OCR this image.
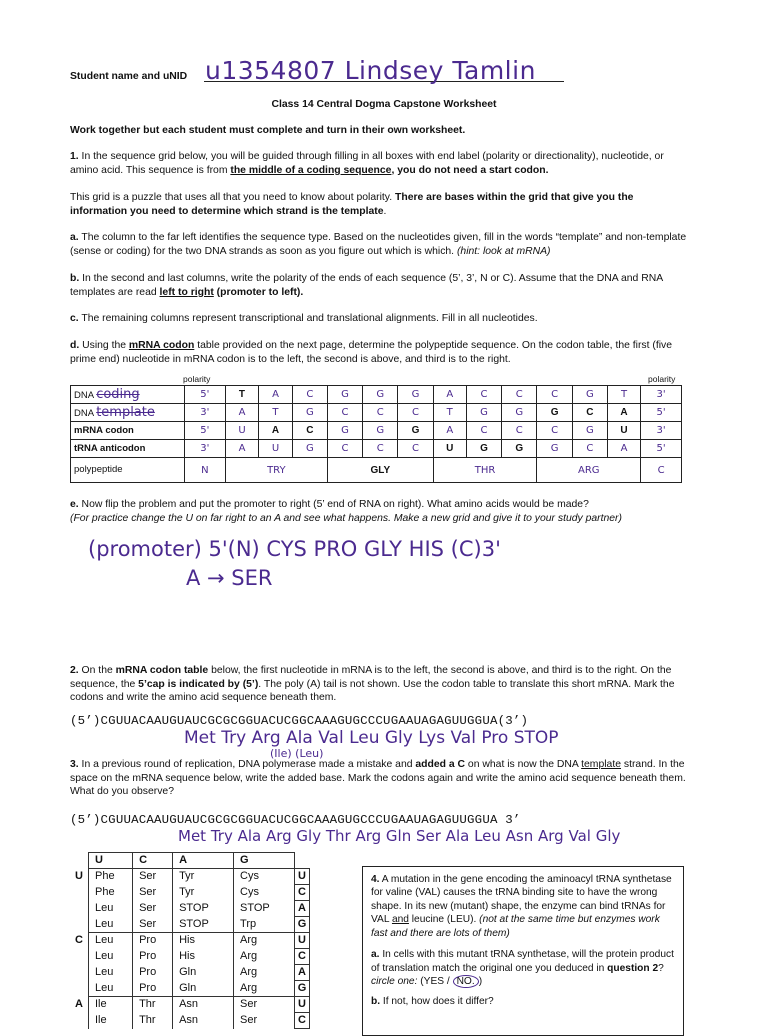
Student name and uNID u1354807 Lindsey Tamlin
Class 14 Central Dogma Capstone Worksheet
Work together but each student must complete and turn in their own worksheet.

1. In the sequence grid below, you will be guided through filling in all boxes with end label (polarity or directionality), nucleotide, or amino acid. This sequence is from the middle of a coding sequence, you do not need a start codon.

This grid is a puzzle that uses all that you need to know about polarity. There are bases within the grid that give you the information you need to determine which strand is the template.

a. The column to the far left identifies the sequence type. Based on the nucleotides given, fill in the words “template” and non-template (sense or coding) for the two DNA strands as soon as you figure out which is which. (hint: look at mRNA)

b. In the second and last columns, write the polarity of the ends of each sequence (5’, 3’, N or C). Assume that the DNA and RNA templates are read left to right (promoter to left).

c. The remaining columns represent transcriptional and translational alignments. Fill in all nucleotides.

d. Using the mRNA codon table provided on the next page, determine the polypeptide sequence. On the codon table, the first (five prime end) nucleotide in mRNA codon is to the left, the second is above, and third is to the right.

polarity	polarity
DNA coding	5'	T	A	C	G	G	G	A	C	C	C	G	T	3'
DNA template	3'	A	T	G	C	C	C	T	G	G	G	C	A	5'
mRNA codon	5'	U	A	C	G	G	G	A	C	C	C	G	U	3'
tRNA anticodon	3'	A	U	G	C	C	C	U	G	G	G	C	A	5'
polypeptide	N	TRY			GLY			THR			ARG			C

e. Now flip the problem and put the promoter to right (5’ end of RNA on right). What amino acids would be made?
(For practice change the U on far right to an A and see what happens. Make a new grid and give it to your study partner)

(promoter) 5'(N) CYS PRO GLY HIS (C)3'
A → SER

2. On the mRNA codon table below, the first nucleotide in mRNA is to the left, the second is above, and third is to the right. On the sequence, the 5’cap is indicated by (5’). The poly (A) tail is not shown. Use the codon table to translate this short mRNA. Mark the codons and write the amino acid sequence beneath them.

(5’)CGUUACAAUGUAUCGCGCGGUACUCGGCAAAGUGCCCUGAAUAGAGUUGGUA(3’)
Met Try Arg Ala Val Leu Gly Lys Val Pro STOP
(Ile) (Leu)

3. In a previous round of replication, DNA polymerase made a mistake and added a C on what is now the DNA template strand. In the space on the mRNA sequence below, write the added base. Mark the codons again and write the amino acid sequence beneath them. What do you observe?

(5’)CGUUACAAUGUAUCGCGCGGUACUCGGCAAAGUGCCCUGAAUAGAGUUGGUA 3’
Met Try Ala Arg Gly Thr Arg Gln Ser Ala Leu Asn Arg Val Gly
	U	C	A	G	
U	Phe	Ser	Tyr	Cys	U
	Phe	Ser	Tyr	Cys	C
	Leu	Ser	STOP	STOP	A
	Leu	Ser	STOP	Trp	G
C	Leu	Pro	His	Arg	U
	Leu	Pro	His	Arg	C
	Leu	Pro	Gln	Arg	A
	Leu	Pro	Gln	Arg	G
A	Ile	Thr	Asn	Ser	U
	Ile	Thr	Asn	Ser	C

4. A mutation in the gene encoding the aminoacyl tRNA synthetase for valine (VAL) causes the tRNA binding site to have the wrong shape. In its new (mutant) shape, the enzyme can bind tRNAs for VAL and leucine (LEU). (not at the same time but enzymes work fast and there are lots of them)

a. In cells with this mutant tRNA synthetase, will the protein product of translation match the original one you deduced in question 2? circle one: (YES / NO. )

b. If not, how does it differ?
